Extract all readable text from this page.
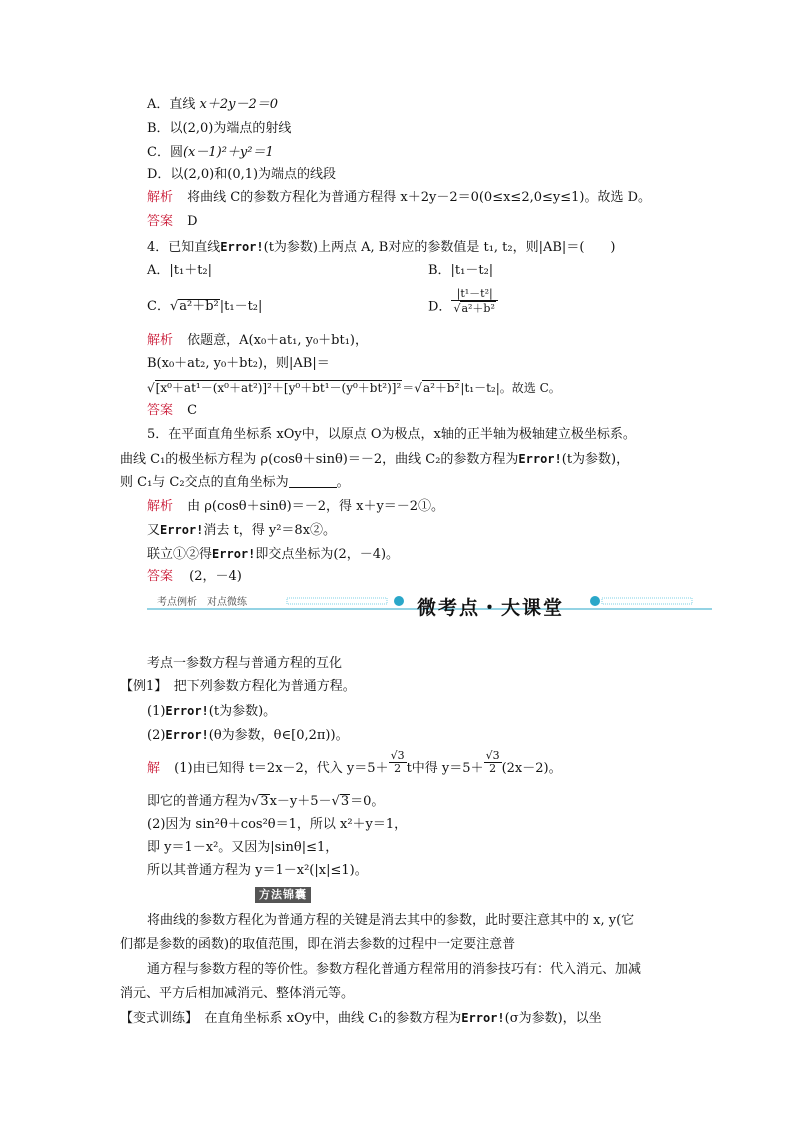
A．直线 x＋2y－2＝0
B．以(2,0)为端点的射线
C．圆(x－1)²＋y²＝1
D．以(2,0)和(0,1)为端点的线段
解析 将曲线 C的参数方程化为普通方程得 x＋2y－2＝0(0≤x≤2,0≤y≤1)。故选 D。
答案 D
4．已知直线Error!(t为参数)上两点 A, B对应的参数值是 t₁, t₂，则|AB|＝(　　)
A．|t₁＋t₂|	B．|t₁－t₂|
C．√a²＋b²|t₁－t₂|	D． $\frac{\text{|t¹－t²|}}{\text{√a²＋b²}}$
解析 依题意，A(x₀＋at₁, y₀＋bt₁)，
B(x₀＋at₂, y₀＋bt₂)，则|AB|＝
√[x⁰＋at¹－(x⁰＋at²)]²＋[y⁰＋bt¹－(y⁰＋bt²)]²＝√a²＋b²|t₁－t₂|。故选 C。
答案 C
5．在平面直角坐标系 xOy中，以原点 O为极点，x轴的正半轴为极轴建立极坐标系。
曲线 C₁的极坐标方程为 ρ(cosθ＋sinθ)＝－2，曲线 C₂的参数方程为Error!(t为参数)，
则 C₁与 C₂交点的直角坐标为	。
解析 由 ρ(cosθ＋sinθ)＝－2，得 x＋y＝－2①。
又Error!消去 t，得 y²＝8x②。
联立①②得Error!即交点坐标为(2，－4)。
答案 (2，－4)
考点例析　对点微练	微考点・大课堂
考点一参数方程与普通方程的互化
【例1】　把下列参数方程化为普通方程。
(1)Error!(t为参数)。
(2)Error!(θ为参数，θ∈[0,2π))。
解 (1)由已知得 t＝2x－2，代入 $y=5+ \frac{√3}{2}$ t中得 $y=5+ \frac{√3}{2} (2x-2)$。
即它的普通方程为√3x－y＋5－√3＝0。
(2)因为 sin²θ＋cos²θ＝1，所以 x²＋y＝1，
即 y＝1－x²。又因为|sinθ|≤1，
所以其普通方程为 y＝1－x²(|x|≤1)。
方法锦囊
将曲线的参数方程化为普通方程的关键是消去其中的参数，此时要注意其中的 x, y(它
们都是参数的函数)的取值范围，即在消去参数的过程中一定要注意普
通方程与参数方程的等价性。参数方程化普通方程常用的消参技巧有：代入消元、加减
消元、平方后相加减消元、整体消元等。
【变式训练】　在直角坐标系 xOy中，曲线 C₁的参数方程为Error!(σ为参数)，以坐
